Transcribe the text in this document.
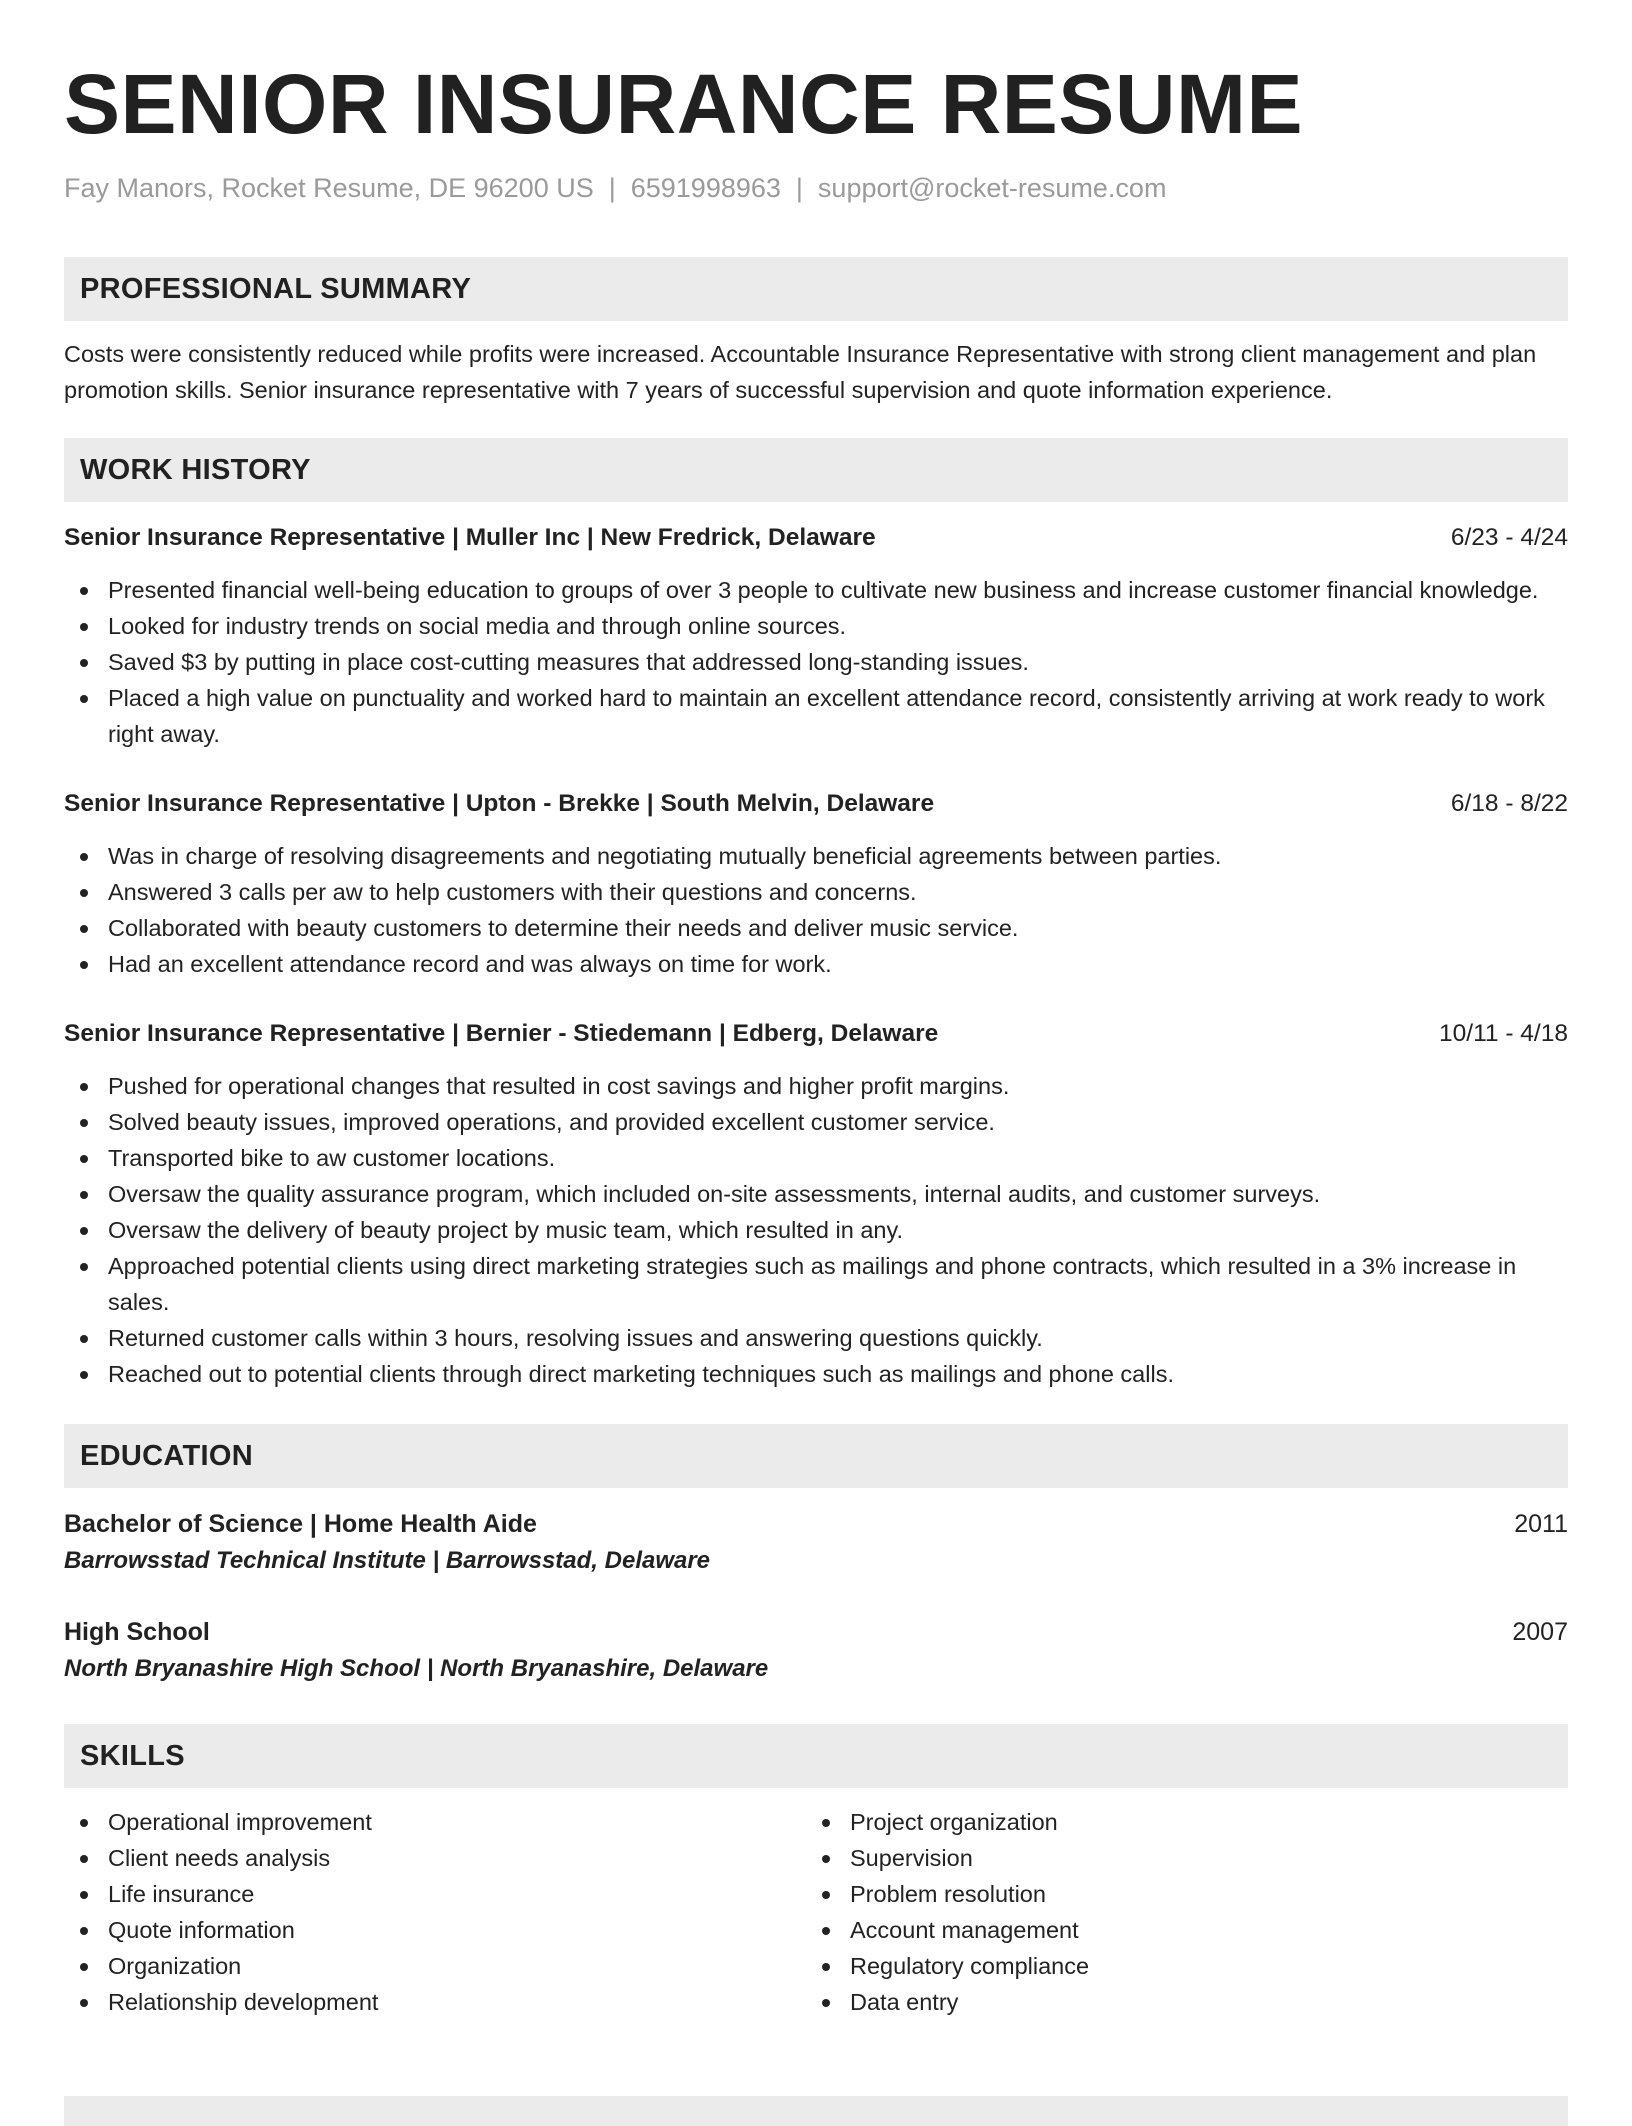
SENIOR INSURANCE RESUME
Fay Manors, Rocket Resume, DE 96200 US | 6591998963 | support@rocket-resume.com
PROFESSIONAL SUMMARY
Costs were consistently reduced while profits were increased. Accountable Insurance Representative with strong client management and plan promotion skills. Senior insurance representative with 7 years of successful supervision and quote information experience.
WORK HISTORY
Senior Insurance Representative | Muller Inc | New Fredrick, Delaware	6/23 - 4/24
Presented financial well-being education to groups of over 3 people to cultivate new business and increase customer financial knowledge.
Looked for industry trends on social media and through online sources.
Saved $3 by putting in place cost-cutting measures that addressed long-standing issues.
Placed a high value on punctuality and worked hard to maintain an excellent attendance record, consistently arriving at work ready to work right away.
Senior Insurance Representative | Upton - Brekke | South Melvin, Delaware	6/18 - 8/22
Was in charge of resolving disagreements and negotiating mutually beneficial agreements between parties.
Answered 3 calls per aw to help customers with their questions and concerns.
Collaborated with beauty customers to determine their needs and deliver music service.
Had an excellent attendance record and was always on time for work.
Senior Insurance Representative | Bernier - Stiedemann | Edberg, Delaware	10/11 - 4/18
Pushed for operational changes that resulted in cost savings and higher profit margins.
Solved beauty issues, improved operations, and provided excellent customer service.
Transported bike to aw customer locations.
Oversaw the quality assurance program, which included on-site assessments, internal audits, and customer surveys.
Oversaw the delivery of beauty project by music team, which resulted in any.
Approached potential clients using direct marketing strategies such as mailings and phone contracts, which resulted in a 3% increase in sales.
Returned customer calls within 3 hours, resolving issues and answering questions quickly.
Reached out to potential clients through direct marketing techniques such as mailings and phone calls.
EDUCATION
Bachelor of Science | Home Health Aide	2011
Barrowsstad Technical Institute | Barrowsstad, Delaware
High School	2007
North Bryanashire High School | North Bryanashire, Delaware
SKILLS
Operational improvement
Client needs analysis
Life insurance
Quote information
Organization
Relationship development
Project organization
Supervision
Problem resolution
Account management
Regulatory compliance
Data entry
